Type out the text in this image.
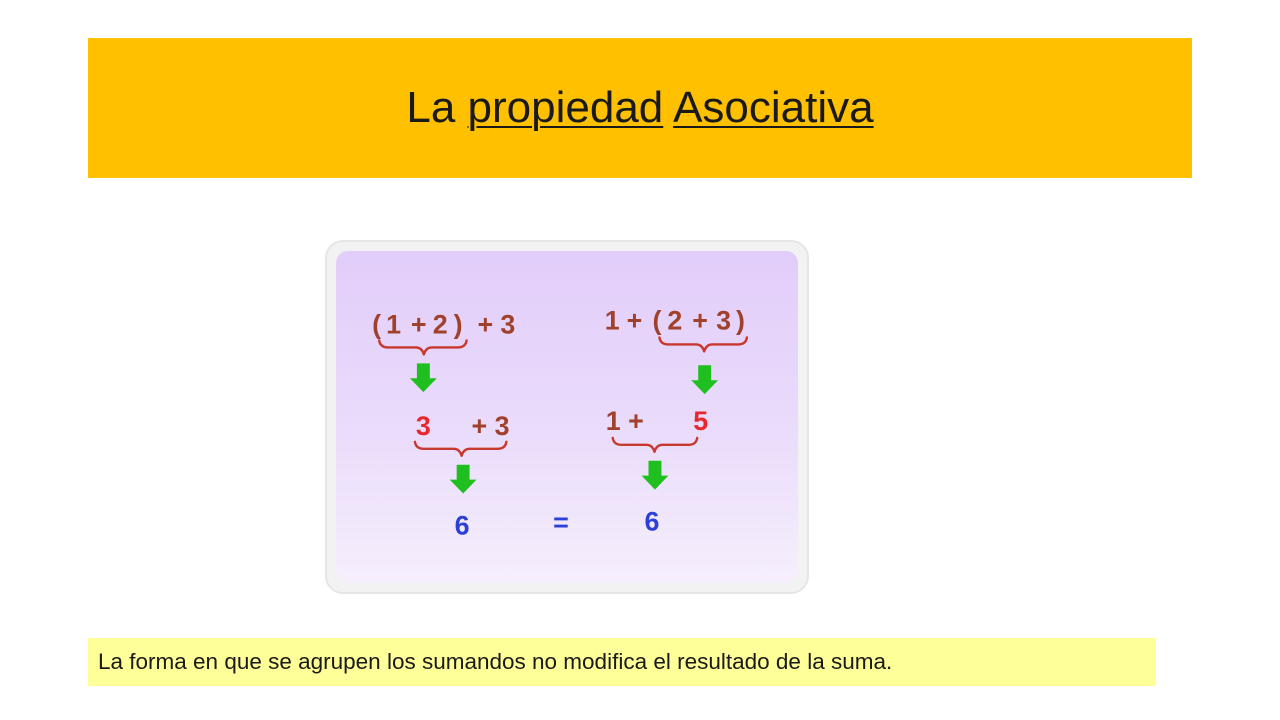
La propiedad Asociativa
( 1 + 2 ) + 3
3 + 3
6	=
1 + ( 2 + 3 )
1 + 5
6

La forma en que se agrupen los sumandos no modifica el resultado de la suma.
